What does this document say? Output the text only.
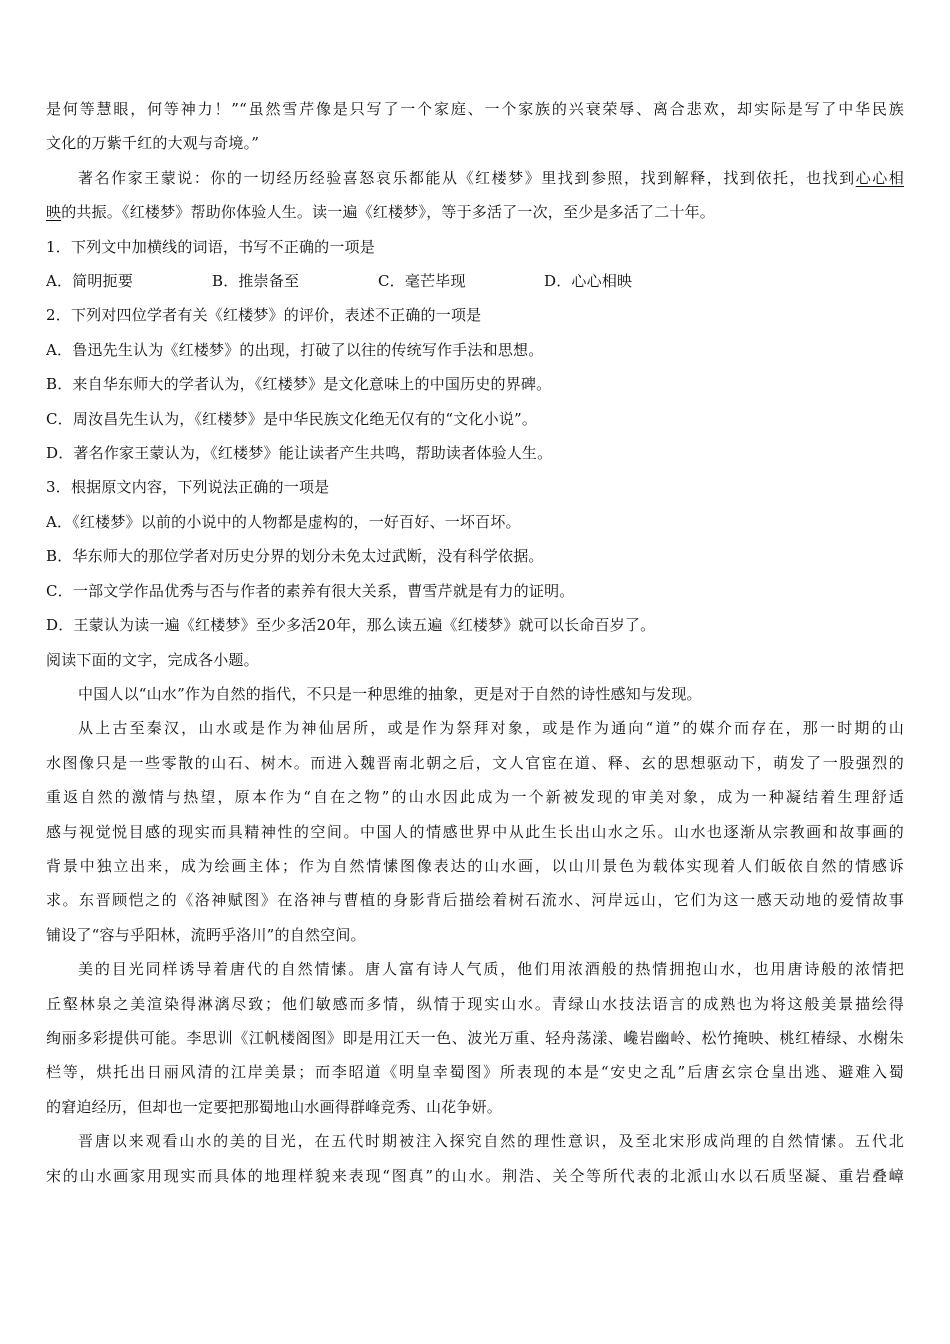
是何等慧眼，何等神力！”“虽然雪芹像是只写了一个家庭、一个家族的兴衰荣辱、离合悲欢，却实际是写了中华民族
文化的万紫千红的大观与奇境。”
著名作家王蒙说：你的一切经历经验喜怒哀乐都能从《红楼梦》里找到参照，找到解释，找到依托，也找到心心相
映的共振。《红楼梦》帮助你体验人生。读一遍《红楼梦》，等于多活了一次，至少是多活了二十年。
1．下列文中加横线的词语，书写不正确的一项是
A．简明扼要	B．推崇备至	C．毫芒毕现	D．心心相映
2．下列对四位学者有关《红楼梦》的评价，表述不正确的一项是
A．鲁迅先生认为《红楼梦》的出现，打破了以往的传统写作手法和思想。
B．来自华东师大的学者认为，《红楼梦》是文化意味上的中国历史的界碑。
C．周汝昌先生认为，《红楼梦》是中华民族文化绝无仅有的“文化小说”。
D．著名作家王蒙认为，《红楼梦》能让读者产生共鸣，帮助读者体验人生。
3．根据原文内容，下列说法正确的一项是
A．《红楼梦》以前的小说中的人物都是虚构的，一好百好、一坏百坏。
B．华东师大的那位学者对历史分界的划分未免太过武断，没有科学依据。
C．一部文学作品优秀与否与作者的素养有很大关系，曹雪芹就是有力的证明。
D．王蒙认为读一遍《红楼梦》至少多活20年，那么读五遍《红楼梦》就可以长命百岁了。
阅读下面的文字，完成各小题。
中国人以“山水”作为自然的指代，不只是一种思维的抽象，更是对于自然的诗性感知与发现。
从上古至秦汉，山水或是作为神仙居所，或是作为祭拜对象，或是作为通向“道”的媒介而存在，那一时期的山
水图像只是一些零散的山石、树木。而进入魏晋南北朝之后，文人官宦在道、释、玄的思想驱动下，萌发了一股强烈的
重返自然的激情与热望，原本作为“自在之物”的山水因此成为一个新被发现的审美对象，成为一种凝结着生理舒适
感与视觉悦目感的现实而具精神性的空间。中国人的情感世界中从此生长出山水之乐。山水也逐渐从宗教画和故事画的
背景中独立出来，成为绘画主体；作为自然情愫图像表达的山水画，以山川景色为载体实现着人们皈依自然的情感诉
求。东晋顾恺之的《洛神赋图》在洛神与曹植的身影背后描绘着树石流水、河岸远山，它们为这一感天动地的爱情故事
铺设了“容与乎阳林，流眄乎洛川”的自然空间。
美的目光同样诱导着唐代的自然情愫。唐人富有诗人气质，他们用浓酒般的热情拥抱山水，也用唐诗般的浓情把
丘壑林泉之美渲染得淋漓尽致；他们敏感而多情，纵情于现实山水。青绿山水技法语言的成熟也为将这般美景描绘得
绚丽多彩提供可能。李思训《江帆楼阁图》即是用江天一色、波光万重、轻舟荡漾、巉岩幽岭、松竹掩映、桃红椿绿、水榭朱
栏等，烘托出日丽风清的江岸美景；而李昭道《明皇幸蜀图》所表现的本是“安史之乱”后唐玄宗仓皇出逃、避难入蜀
的窘迫经历，但却也一定要把那蜀地山水画得群峰竞秀、山花争妍。
晋唐以来观看山水的美的目光，在五代时期被注入探究自然的理性意识，及至北宋形成尚理的自然情愫。五代北
宋的山水画家用现实而具体的地理样貌来表现“图真”的山水。荆浩、关仝等所代表的北派山水以石质坚凝、重岩叠嶂
